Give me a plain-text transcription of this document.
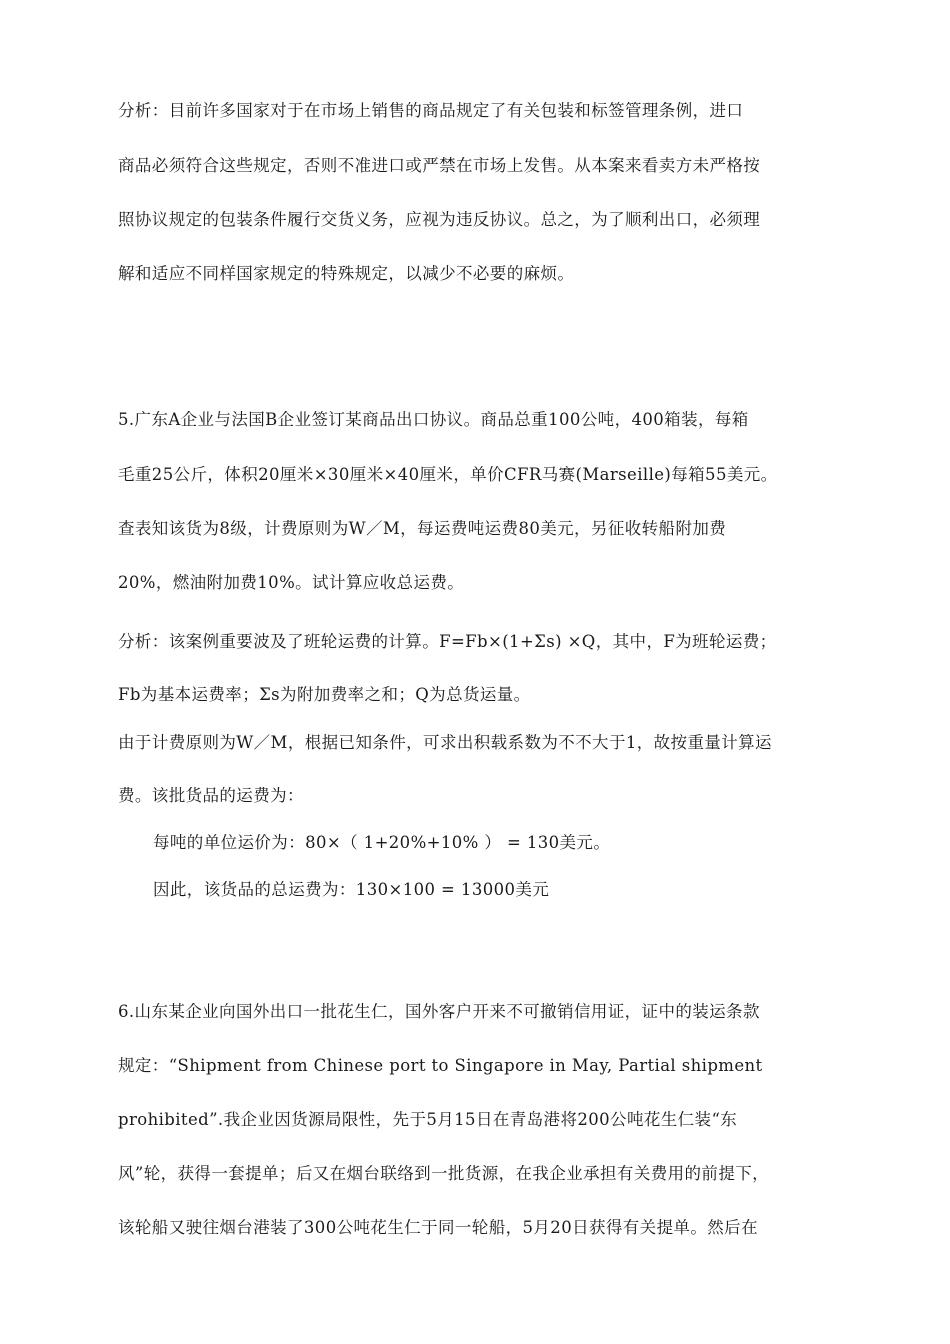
分析：目前许多国家对于在市场上销售的商品规定了有关包装和标签管理条例，进口
商品必须符合这些规定，否则不准进口或严禁在市场上发售。从本案来看卖方未严格按
照协议规定的包装条件履行交货义务，应视为违反协议。总之，为了顺利出口，必须理
解和适应不同样国家规定的特殊规定，以减少不必要的麻烦。
5.广东A企业与法国B企业签订某商品出口协议。商品总重100公吨，400箱装，每箱
毛重25公斤，体积20厘米×30厘米×40厘米，单价CFR马赛(Marseille)每箱55美元。
查表知该货为8级，计费原则为W／M，每运费吨运费80美元，另征收转船附加费
20%，燃油附加费10%。试计算应收总运费。
分析：该案例重要波及了班轮运费的计算。F=Fb×(1+Σs) ×Q，其中，F为班轮运费；
Fb为基本运费率；Σs为附加费率之和；Q为总货运量。
由于计费原则为W／M，根据已知条件，可求出积载系数为不不大于1，故按重量计算运
费。该批货品的运费为：
每吨的单位运价为：80×（ 1+20%+10% ） = 130美元。
因此，该货品的总运费为：130×100 = 13000美元
6.山东某企业向国外出口一批花生仁，国外客户开来不可撤销信用证，证中的装运条款
规定：“Shipment from Chinese port to Singapore in May, Partial shipment
prohibited”.我企业因货源局限性，先于5月15日在青岛港将200公吨花生仁装“东
风”轮，获得一套提单；后又在烟台联络到一批货源，在我企业承担有关费用的前提下，
该轮船又驶往烟台港装了300公吨花生仁于同一轮船，5月20日获得有关提单。然后在
